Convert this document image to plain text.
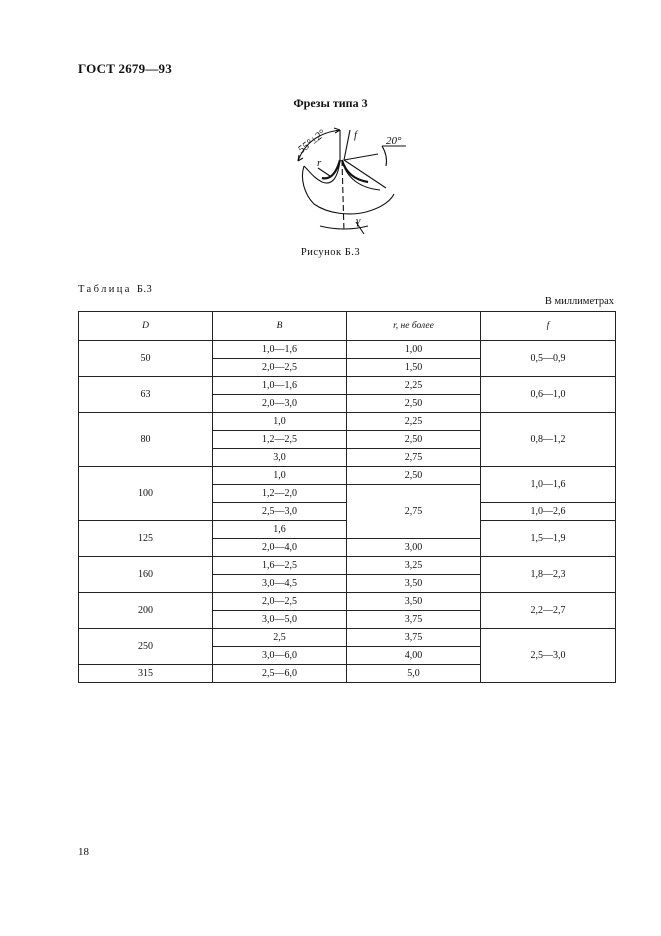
ГОСТ 2679—93
Фрезы типа 3
55°±2°	20°
r
f
γ
Рисунок Б.3
Таблица Б.3
В миллиметрах
D	B	r, не более	f
50	1,0—1,6	1,00	0,5—0,9
	2,0—2,5	1,50	
63	1,0—1,6	2,25	0,6—1,0
	2,0—3,0	2,50	
80	1,0	2,25	0,8—1,2
	1,2—2,5	2,50	
	3,0	2,75	
100	1,0	2,50	1,0—1,6
	1,2—2,0	2,75	
	2,5—3,0		1,0—2,6
125	1,6		1,5—1,9
	2,0—4,0	3,00	
160	1,6—2,5	3,25	1,8—2,3
	3,0—4,5	3,50	
200	2,0—2,5	3,50	2,2—2,7
	3,0—5,0	3,75	
250	2,5	3,75	2,5—3,0
	3,0—6,0	4,00	
315	2,5—6,0	5,0	
18
